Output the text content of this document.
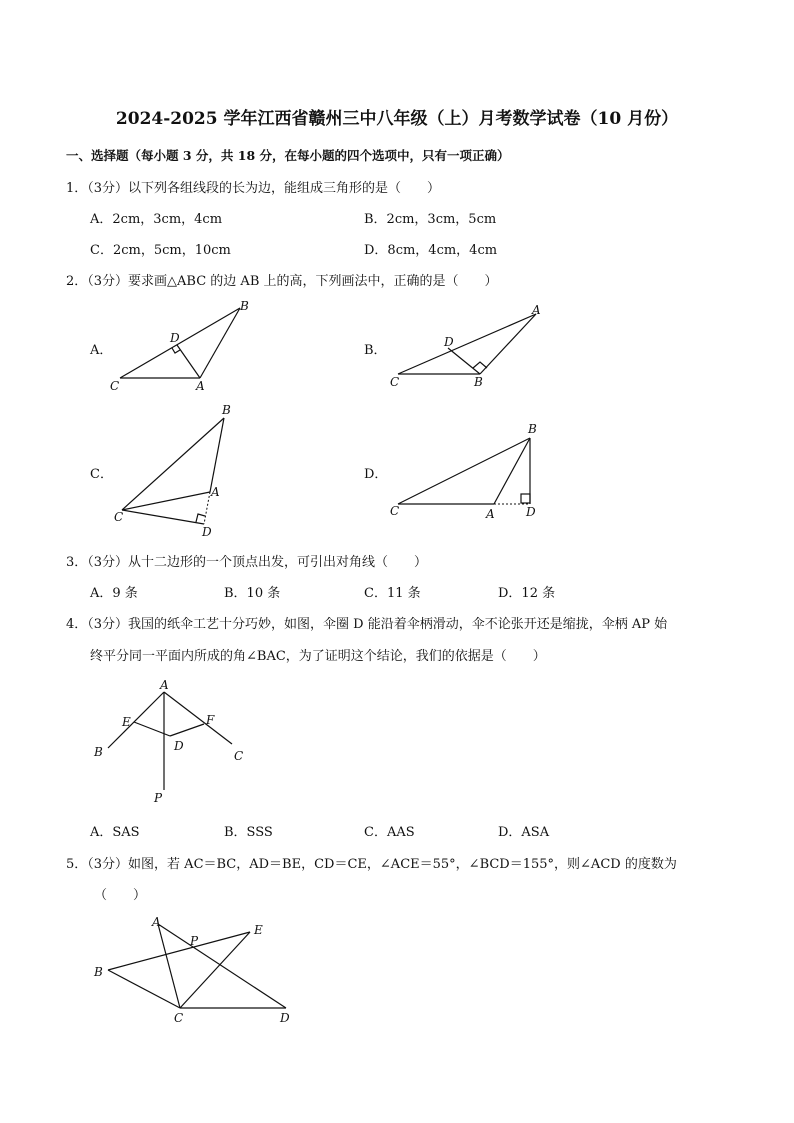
2024-2025 学年江西省赣州三中八年级（上）月考数学试卷（10 月份）
一、选择题（每小题 3 分，共 18 分，在每小题的四个选项中，只有一项正确）
1．（3分）以下列各组线段的长为边，能组成三角形的是（　　）
A．2cm，3cm，4cm	B．2cm，3cm，5cm
C．2cm，5cm，10cm	D．8cm，4cm，4cm
2．（3分）要求画△ABC 的边 AB 上的高，下列画法中，正确的是（　　）
A．
C	A
B
D
B．
C	B
A
D
C．
C
B
A
D
D．
C	A	D
B
3．（3分）从十二边形的一个顶点出发，可引出对角线（　　）
A．9 条	B．10 条	C．11 条	D．12 条
4．（3分）我国的纸伞工艺十分巧妙，如图，伞圈 D 能沿着伞柄滑动，伞不论张开还是缩拢，伞柄 AP 始
终平分同一平面内所成的角∠BAC，为了证明这个结论，我们的依据是（　　）
A
E	F
D
B	C
P
A．SAS	B．SSS	C．AAS	D．ASA
5．（3分）如图，若 AC＝BC，AD＝BE，CD＝CE，∠ACE＝55°，∠BCD＝155°，则∠ACD 的度数为
（　　）
A
P
E
B
C	D
